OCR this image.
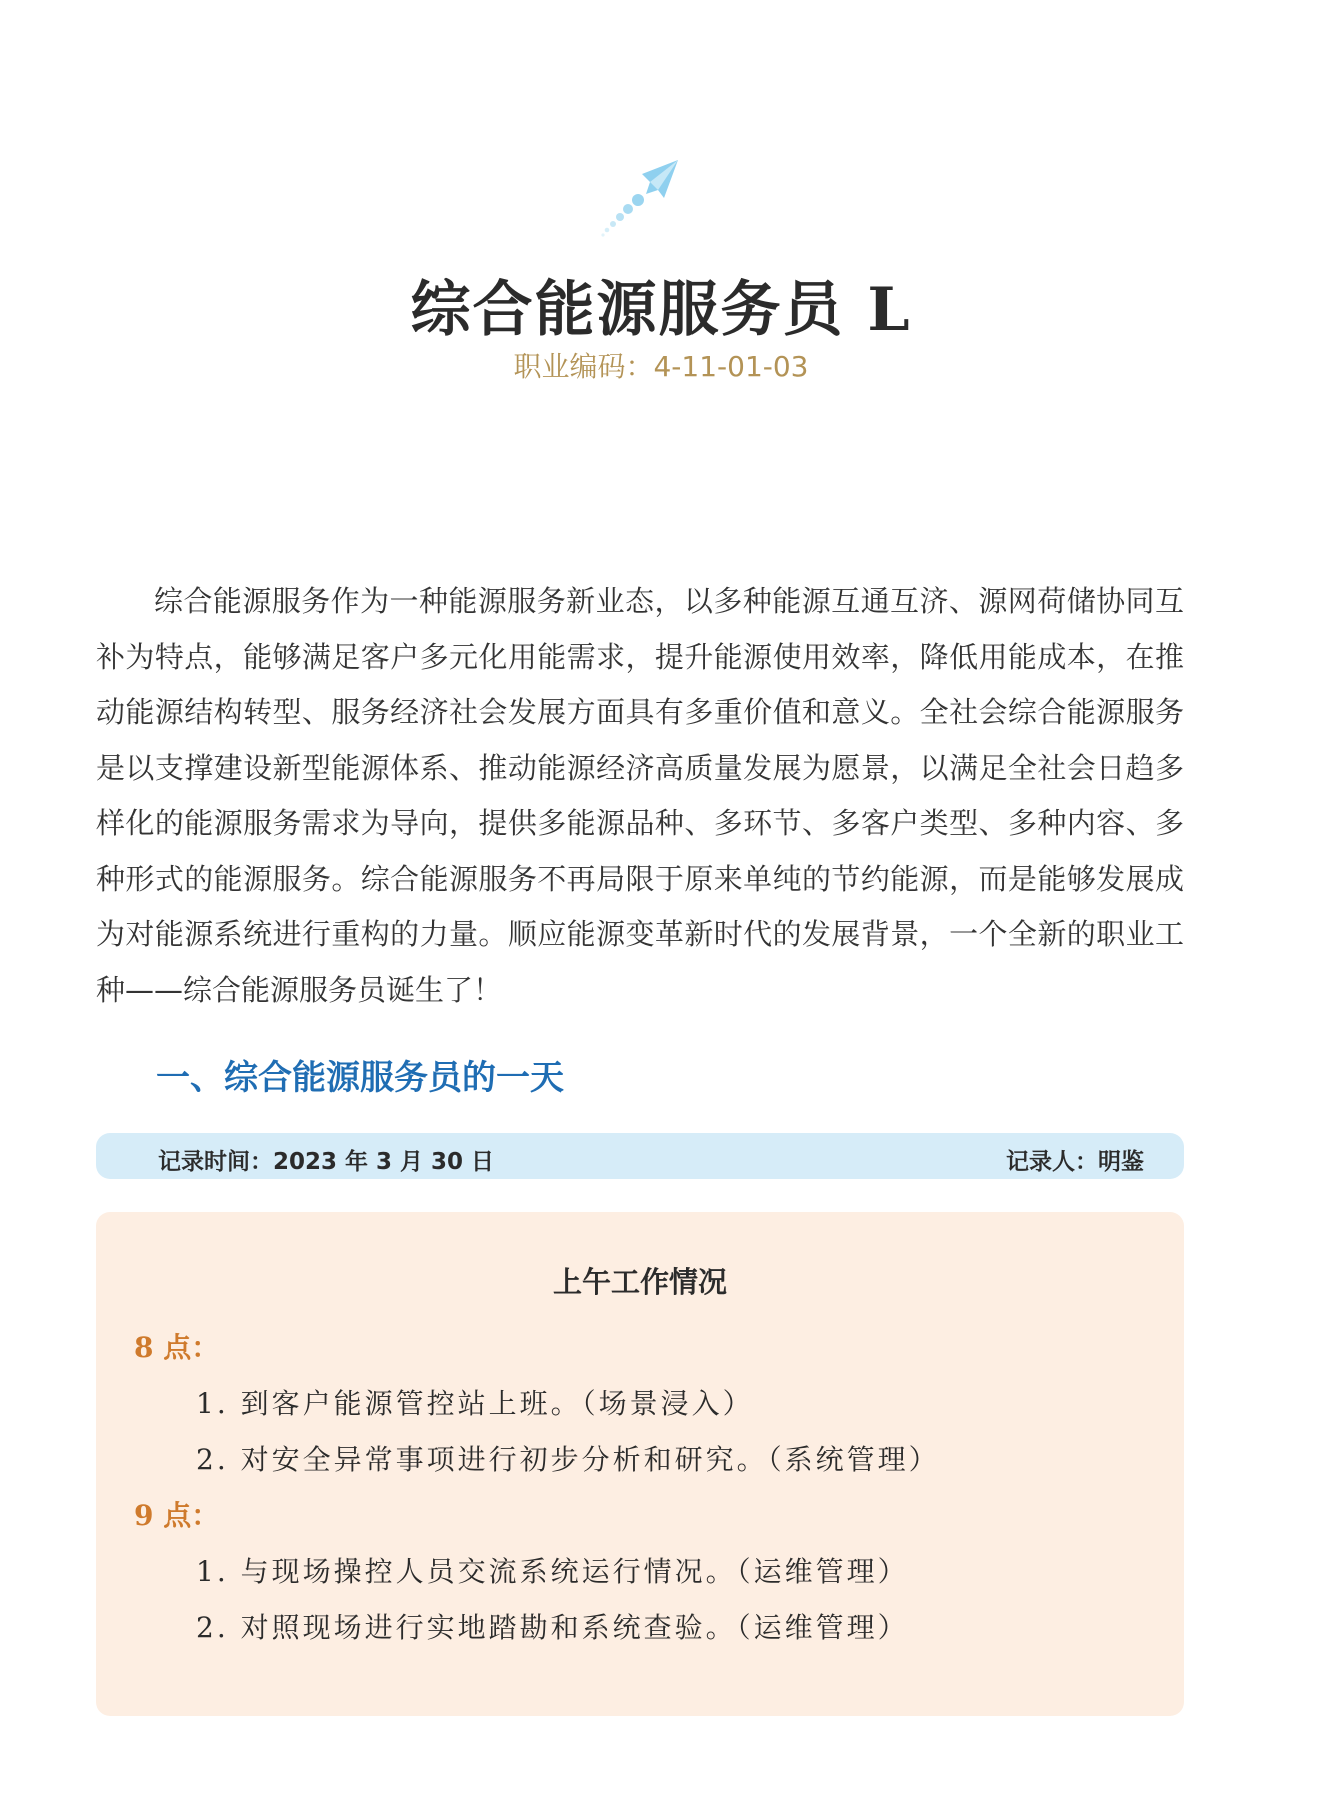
综合能源服务员 L
职业编码：4-11-01-03

综合能源服务作为一种能源服务新业态，以多种能源互通互济、源网荷储协同互补为特点，能够满足客户多元化用能需求，提升能源使用效率，降低用能成本，在推动能源结构转型、服务经济社会发展方面具有多重价值和意义。全社会综合能源服务是以支撑建设新型能源体系、推动能源经济高质量发展为愿景，以满足全社会日趋多样化的能源服务需求为导向，提供多能源品种、多环节、多客户类型、多种内容、多种形式的能源服务。综合能源服务不再局限于原来单纯的节约能源，而是能够发展成为对能源系统进行重构的力量。顺应能源变革新时代的发展背景，一个全新的职业工种——综合能源服务员诞生了！

一、综合能源服务员的一天
记录时间：2023 年 3 月 30 日	记录人：明鉴
上午工作情况
8 点：
1. 到客户能源管控站上班。（场景浸入）
2. 对安全异常事项进行初步分析和研究。（系统管理）
9 点：
1. 与现场操控人员交流系统运行情况。（运维管理）
2. 对照现场进行实地踏勘和系统查验。（运维管理）
